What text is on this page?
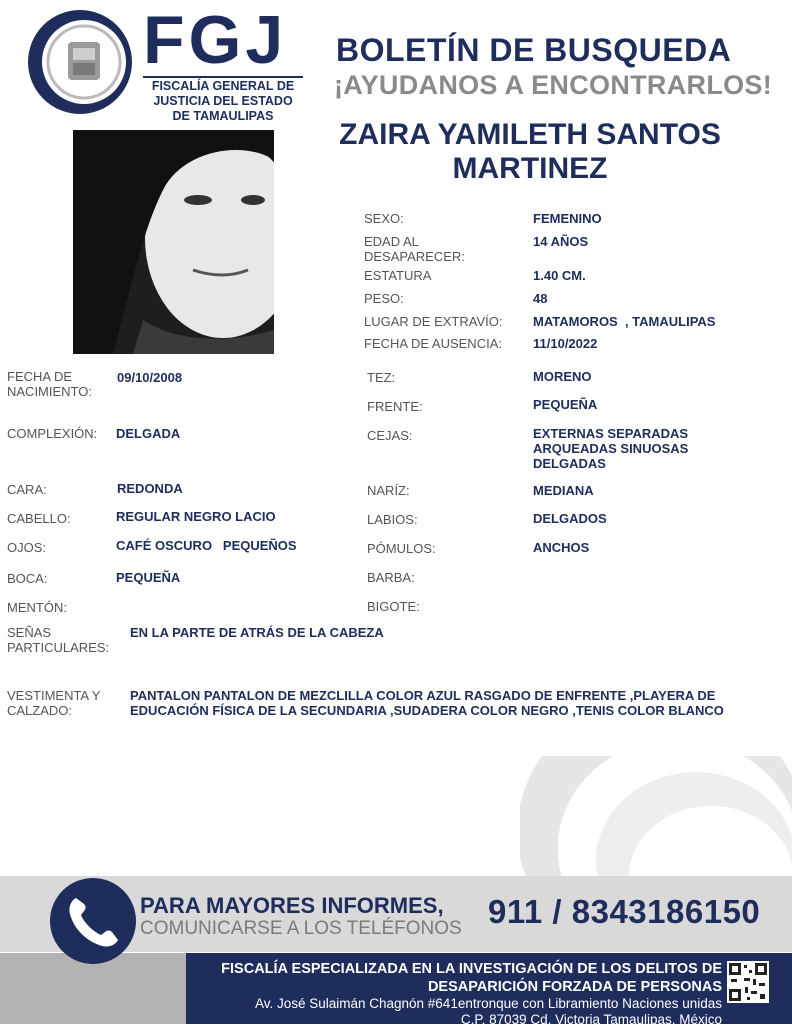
FGJ
FISCALÍA GENERAL DE
JUSTICIA DEL ESTADO
DE TAMAULIPAS
BOLETÍN DE BUSQUEDA
¡AYUDANOS A ENCONTRARLOS!
ZAIRA YAMILETH SANTOS
MARTINEZ
SEXO:	FEMENINO
EDAD AL DESAPARECER:
14 AÑOS
ESTATURA	1.40 CM.
PESO:	48
LUGAR DE EXTRAVÍO: MATAMOROS  , TAMAULIPAS
FECHA DE AUSENCIA: 11/10/2022
FECHA DE NACIMIENTO:
09/10/2008
COMPLEXIÓN: DELGADA
CARA:	REDONDA
CABELLO:	REGULAR NEGRO LACIO
OJOS:	CAFÉ OSCURO   PEQUEÑOS
BOCA:	PEQUEÑA
MENTÓN:
TEZ:	MORENO
FRENTE:	PEQUEÑA
CEJAS:	EXTERNAS SEPARADAS
ARQUEADAS SINUOSAS
DELGADAS
NARÍZ:	MEDIANA
LABIOS:	DELGADOS
PÓMULOS:	ANCHOS
BARBA:
BIGOTE:
SEÑAS
PARTICULARES:
EN LA PARTE DE ATRÁS DE LA CABEZA
VESTIMENTA Y
CALZADO:
PANTALON PANTALON DE MEZCLILLA COLOR AZUL RASGADO DE ENFRENTE ,PLAYERA DE
EDUCACIÓN FÍSICA DE LA SECUNDARIA ,SUDADERA COLOR NEGRO ,TENIS COLOR BLANCO
PARA MAYORES INFORMES,
COMUNICARSE A LOS TELÉFONOS 911 / 8343186150
FISCALÍA ESPECIALIZADA EN LA INVESTIGACIÓN DE LOS DELITOS DE
DESAPARICIÓN FORZADA DE PERSONAS
Av. José Sulaimán Chagnón #641entronque con Libramiento Naciones unidas
C.P. 87039 Cd. Victoria Tamaulipas, México
